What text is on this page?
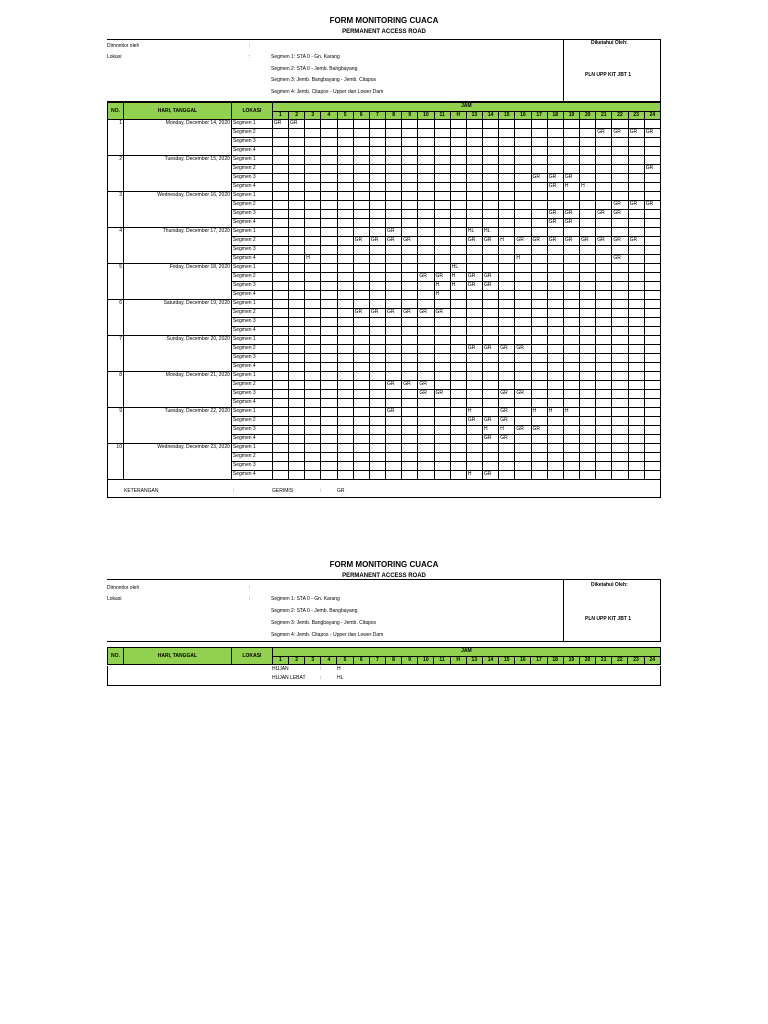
FORM MONITORING CUACA
PERMANENT ACCESS ROAD
Dimonitor oleh	:
Lokasi	:	Segmen 1: STA 0 - Gn. Karang
Segmen 2: STA 0 - Jemb. Bangbayang
Segmen 3: Jemb. Bangbayang - Jemb. Citapos
Segmen 4: Jemb. Citapos - Upper dan Lower Dam
Diketahui Oleh:
PLN UPP KIT JBT 1
NO.	HARI, TANGGAL	LOKASI	JAM																							
			1	2	3	4	5	6	7	8	9	10	11	H	13	14	15	16	17	18	19	20	21	22	23	24
1	Monday, December 14, 2020	Segmen 1	GR	GR																						
		Segmen 2																					GR	GR	GR	GR
		Segmen 3																								
		Segmen 4																								
2	Tuesday, December 15, 2020	Segmen 1																								
		Segmen 2																								GR
		Segmen 3																	GR	GR	GR					
		Segmen 4																		GR	H	H				
3	Wednesday, December 16, 2020	Segmen 1																								
		Segmen 2																						GR	GR	GR
		Segmen 3																		GR	GR		GR	GR		
		Segmen 4																		GR	GR					
4	Thursday, December 17, 2020	Segmen 1								GR					HL	HL										
		Segmen 2						GR	GR	GR	GR				GR	GR	H	GR	GR	GR	GR	GR	GR	GR	GR	
		Segmen 3																								
		Segmen 4			H													H						GR		
5	Friday, December 18, 2020	Segmen 1												HL												
		Segmen 2										GR	GR	H	GR	GR										
		Segmen 3											H	H	GR	GR										
		Segmen 4											H													
6	Saturday, December 19, 2020	Segmen 1																								
		Segmen 2						GR	GR	GR	GR	GR	GR													
		Segmen 3																								
		Segmen 4																								
7	Sunday, December 20, 2020	Segmen 1																								
		Segmen 2													GR	GR	GR	GR								
		Segmen 3																								
		Segmen 4																								
8	Monday, December 21, 2020	Segmen 1																								
		Segmen 2								GR	GR	GR														
		Segmen 3										GR	GR				GR	GR								
		Segmen 4																								
9	Tuesday, December 22, 2020	Segmen 1								GR					H		GR		H	H	H					
		Segmen 2													GR	GR	GR									
		Segmen 3														H	H	GR	GR							
		Segmen 4														GR	GR									
10	Wednesday, December 23, 2020	Segmen 1																								
		Segmen 2																								
		Segmen 3																								
		Segmen 4													H	GR										
KETERANGAN	:	GERIMIS	:	GR
FORM MONITORING CUACA
PERMANENT ACCESS ROAD
Dimonitor oleh	:
Lokasi	:	Segmen 1: STA 0 - Gn. Karang
Segmen 2: STA 0 - Jemb. Bangbayang
Segmen 3: Jemb. Bangbayang - Jemb. Citapos
Segmen 4: Jemb. Citapos - Upper dan Lower Dam
Diketahui Oleh:
PLN UPP KIT JBT 1
NO.	HARI, TANGGAL	LOKASI	JAM																							
			1	2	3	4	5	6	7	8	9	10	11	H	13	14	15	16	17	18	19	20	21	22	23	24
HUJAN	:	H
HUJAN LEBAT	:	HL
